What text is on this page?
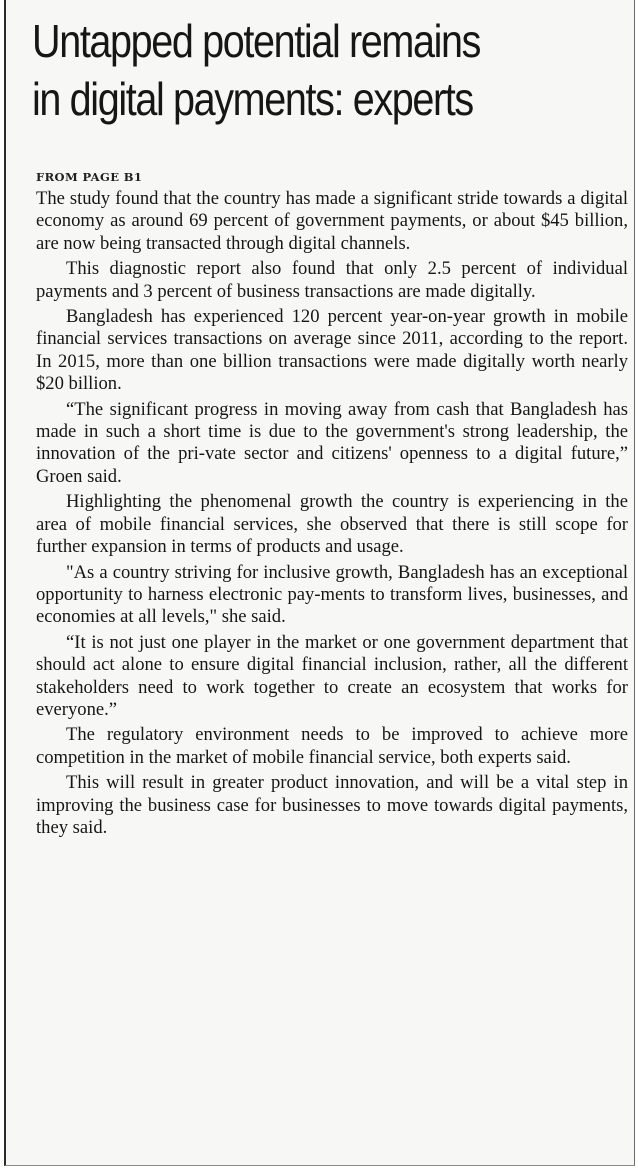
Untapped potential remains
in digital payments: experts
FROM PAGE B1

The study found that the country has made a significant stride towards a digital economy as around 69 percent of government payments, or about $45 billion, are now being transacted through digital channels.

This diagnostic report also found that only 2.5 percent of individual payments and 3 percent of business transactions are made digitally.

Bangladesh has experienced 120 percent year-on-year growth in mobile financial services transactions on average since 2011, according to the report. In 2015, more than one billion transactions were made digitally worth nearly $20 billion.

“The significant progress in moving away from cash that Bangladesh has made in such a short time is due to the government's strong leadership, the innovation of the pri-vate sector and citizens' openness to a digital future,” Groen said.

Highlighting the phenomenal growth the country is experiencing in the area of mobile financial services, she observed that there is still scope for further expansion in terms of products and usage.

"As a country striving for inclusive growth, Bangladesh has an exceptional opportunity to harness electronic pay-ments to transform lives, businesses, and economies at all levels," she said.

“It is not just one player in the market or one government department that should act alone to ensure digital financial inclusion, rather, all the different stakeholders need to work together to create an ecosystem that works for everyone.”

The regulatory environment needs to be improved to achieve more competition in the market of mobile financial service, both experts said.

This will result in greater product innovation, and will be a vital step in improving the business case for businesses to move towards digital payments, they said.
